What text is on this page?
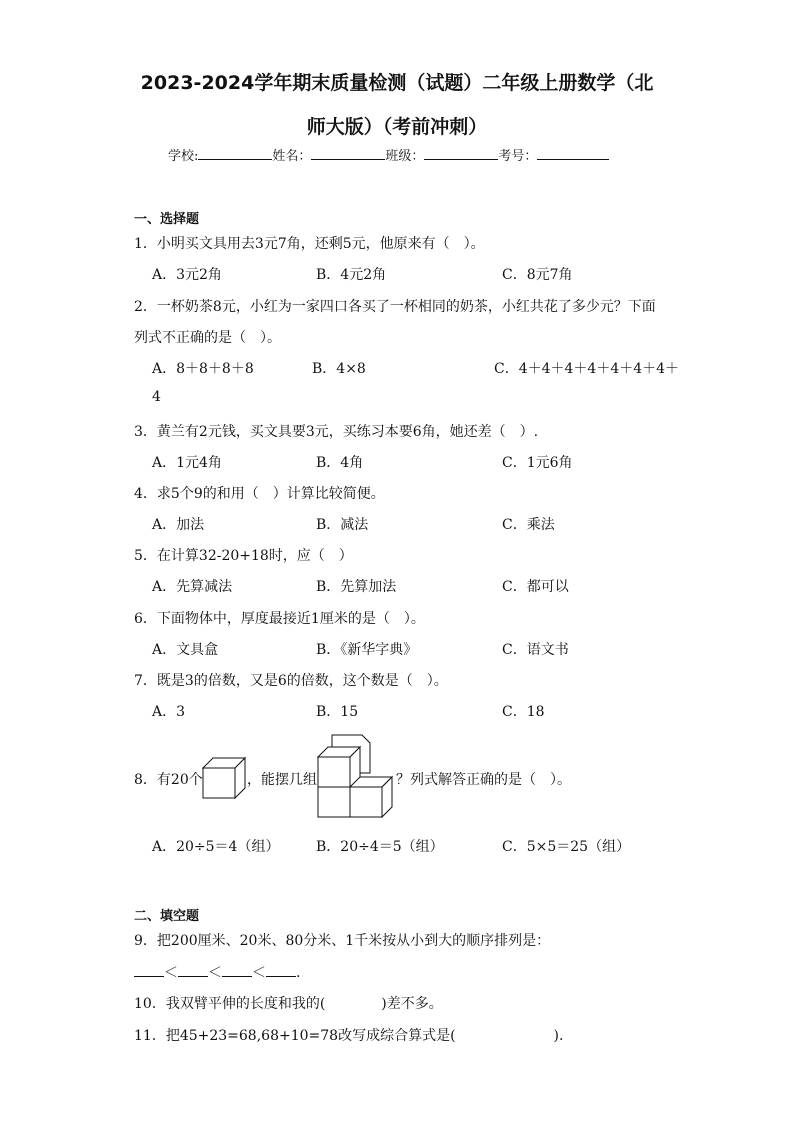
2023-2024学年期末质量检测（试题）二年级上册数学（北
师大版）（考前冲刺）
学校:	姓名：	班级：	考号：
一、选择题
1．小明买文具用去3元7角，还剩5元，他原来有（　）。
A．3元2角	B．4元2角	C．8元7角
2．一杯奶茶8元，小红为一家四口各买了一杯相同的奶茶，小红共花了多少元？下面
列式不正确的是（　）。
A．8＋8＋8＋8	B．4×8	C．4＋4＋4＋4＋4＋4＋4＋
4
3．黄兰有2元钱，买文具要3元，买练习本要6角，她还差（　）.
A．1元4角	B．4角	C．1元6角
4．求5个9的和用（　）计算比较简便。
A．加法	B．减法	C．乘法
5．在计算32-20+18时，应（　）
A．先算减法	B．先算加法	C．都可以
6．下面物体中，厚度最接近1厘米的是（　）。
A．文具盒	B．《新华字典》	C．语文书
7．既是3的倍数，又是6的倍数，这个数是（　）。
A．3	B．15	C．18
8．有20个	，能摆几组	？列式解答正确的是（　）。
A．20÷5＝4（组）	B．20÷4＝5（组）	C．5×5＝25（组）
二、填空题
9．把200厘米、20米、80分米、1千米按从小到大的顺序排列是：
＜ ＜ ＜ .
10．我双臂平伸的长度和我的(　　　　)差不多。
11．把45+23=68,68+10=78改写成综合算式是(　　　　　　　).
